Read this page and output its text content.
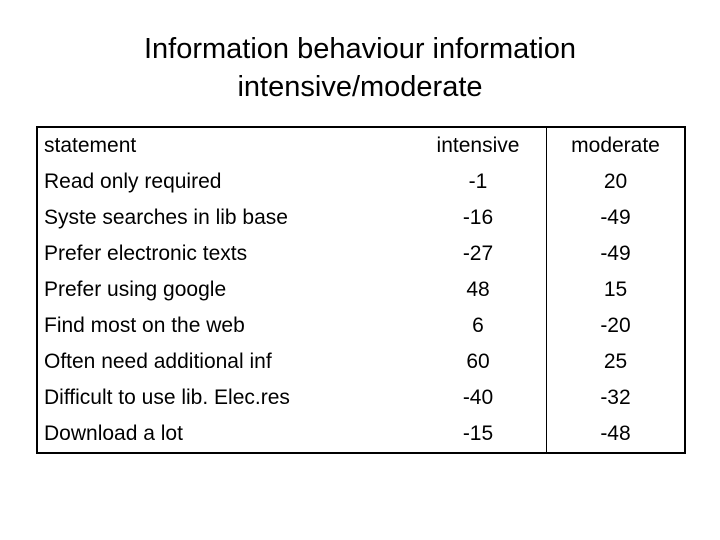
Information behaviour information
intensive/moderate
statement	intensive	moderate
Read only required	-1	20
Syste searches in lib base	-16	-49
Prefer electronic texts	-27	-49
Prefer using google	48	15
Find most on the web	6	-20
Often need additional inf	60	25
Difficult to use lib. Elec.res	-40	-32
Download a lot	-15	-48
